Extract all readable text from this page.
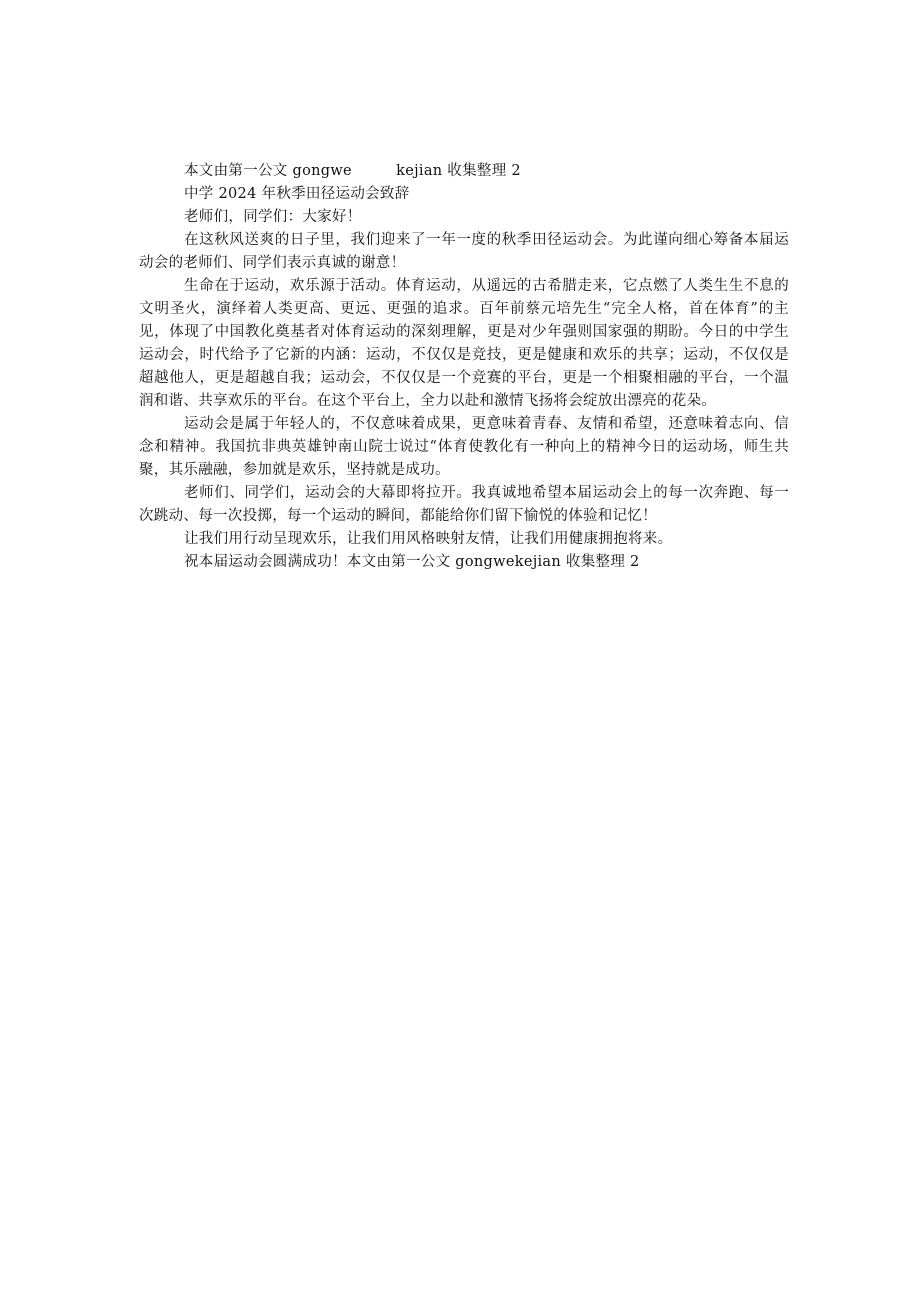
本文由第一公文 gongwe         kejian 收集整理 2

中学 2024 年秋季田径运动会致辞

老师们，同学们：大家好！

在这秋风送爽的日子里，我们迎来了一年一度的秋季田径运动会。为此谨向细心筹备本届运动会的老师们、同学们表示真诚的谢意！

生命在于运动，欢乐源于活动。体育运动，从遥远的古希腊走来，它点燃了人类生生不息的文明圣火，演绎着人类更高、更远、更强的追求。百年前蔡元培先生“完全人格，首在体育”的主见，体现了中国教化奠基者对体育运动的深刻理解，更是对少年强则国家强的期盼。今日的中学生运动会，时代给予了它新的内涵：运动，不仅仅是竞技，更是健康和欢乐的共享；运动，不仅仅是超越他人，更是超越自我；运动会，不仅仅是一个竞赛的平台，更是一个相聚相融的平台，一个温润和谐、共享欢乐的平台。在这个平台上，全力以赴和激情飞扬将会绽放出漂亮的花朵。

运动会是属于年轻人的，不仅意味着成果，更意味着青春、友情和希望，还意味着志向、信念和精神。我国抗非典英雄钟南山院士说过“体育使教化有一种向上的精神今日的运动场，师生共聚，其乐融融，参加就是欢乐，坚持就是成功。

老师们、同学们，运动会的大幕即将拉开。我真诚地希望本届运动会上的每一次奔跑、每一次跳动、每一次投掷，每一个运动的瞬间，都能给你们留下愉悦的体验和记忆！

让我们用行动呈现欢乐，让我们用风格映射友情，让我们用健康拥抱将来。

祝本届运动会圆满成功！本文由第一公文 gongwekejian 收集整理 2
